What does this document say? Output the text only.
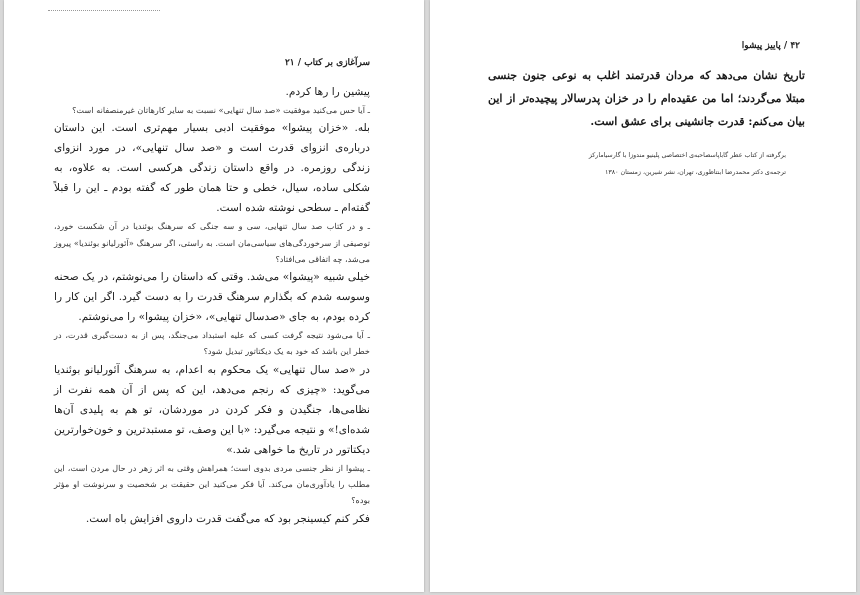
سرآغازی بر کتاب / ۲۱

پیشین را رها کردم.

ـ آیا حس می‌کنید موفقیت «صد سال تنهایی» نسبت به سایر کارهاتان غیرمنصفانه است؟

بله. «خزان پیشوا» موفقیت ادبی بسیار مهم‌تری است. این داستان درباره‌ی انزوای قدرت است و «صد سال تنهایی»، در مورد انزوای زندگی روزمره. در واقع داستان زندگی هرکسی است. به علاوه، به شکلی ساده، سیال، خطی و حتا همان طور که گفته بودم ـ این را قبلاً گفته‌ام ـ سطحی نوشته شده است.

ـ و در کتاب صد سال تنهایی، سی و سه جنگی که سرهنگ بوئندیا در آن شکست خورد، توصیفی از سرخوردگی‌های سیاسی‌مان است. به راستی، اگر سرهنگ «آئورلیانو بوئندیا» پیروز می‌شد، چه اتفاقی می‌افتاد؟

خیلی شبیه «پیشوا» می‌شد. وقتی که داستان را می‌نوشتم، در یک صحنه وسوسه شدم که بگذارم سرهنگ قدرت را به دست گیرد. اگر این کار را کرده بودم، به جای «صدسال تنهایی»، «خزان پیشوا» را می‌نوشتم.

ـ آیا می‌شود نتیجه گرفت کسی که علیه استبداد می‌جنگد، پس از به دست‌گیری قدرت، در خطر این باشد که خود به یک دیکتاتور تبدیل شود؟

در «صد سال تنهایی» یک محکوم به اعدام، به سرهنگ آئورلیانو بوئندیا می‌گوید: «چیزی که رنجم می‌دهد، این که پس از آن همه نفرت از نظامی‌ها، جنگیدن و فکر کردن در موردشان، تو هم به پلیدی آن‌ها شده‌ای!» و نتیجه می‌گیرد: «با این وصف، تو مستبدترین و خون‌خوارترین دیکتاتور در تاریخ ما خواهی شد.»

ـ پیشوا از نظر جنسی مردی بدوی است؛ همراهش وقتی به اثر زهر در حال مردن است، این مطلب را یادآوری‌مان می‌کند. آیا فکر می‌کنید این حقیقت بر شخصیت و سرنوشت او مؤثر بوده؟

فکر کنم کیسینجر بود که می‌گفت قدرت داروی افزایش باه است.

۴۲ / پاییز پیشوا

تاریخ نشان می‌دهد که مردان قدرتمند اغلب به نوعی جنون جنسی مبتلا می‌گردند؛ اما من عقیده‌ام را در خزان پدرسالار پیچیده‌تر از این بیان می‌کنم: قدرت جانشینی برای عشق است.

برگرفته از کتاب عطر گاباپاسصاحبه‌ی اختصاصی پلینیو مندوزا با گارسیامارکز
ترجمه‌ی دکتر محمدرضا ابنتاظوری، تهران، نشر شیرین، زمستان ۱۳۸۰
